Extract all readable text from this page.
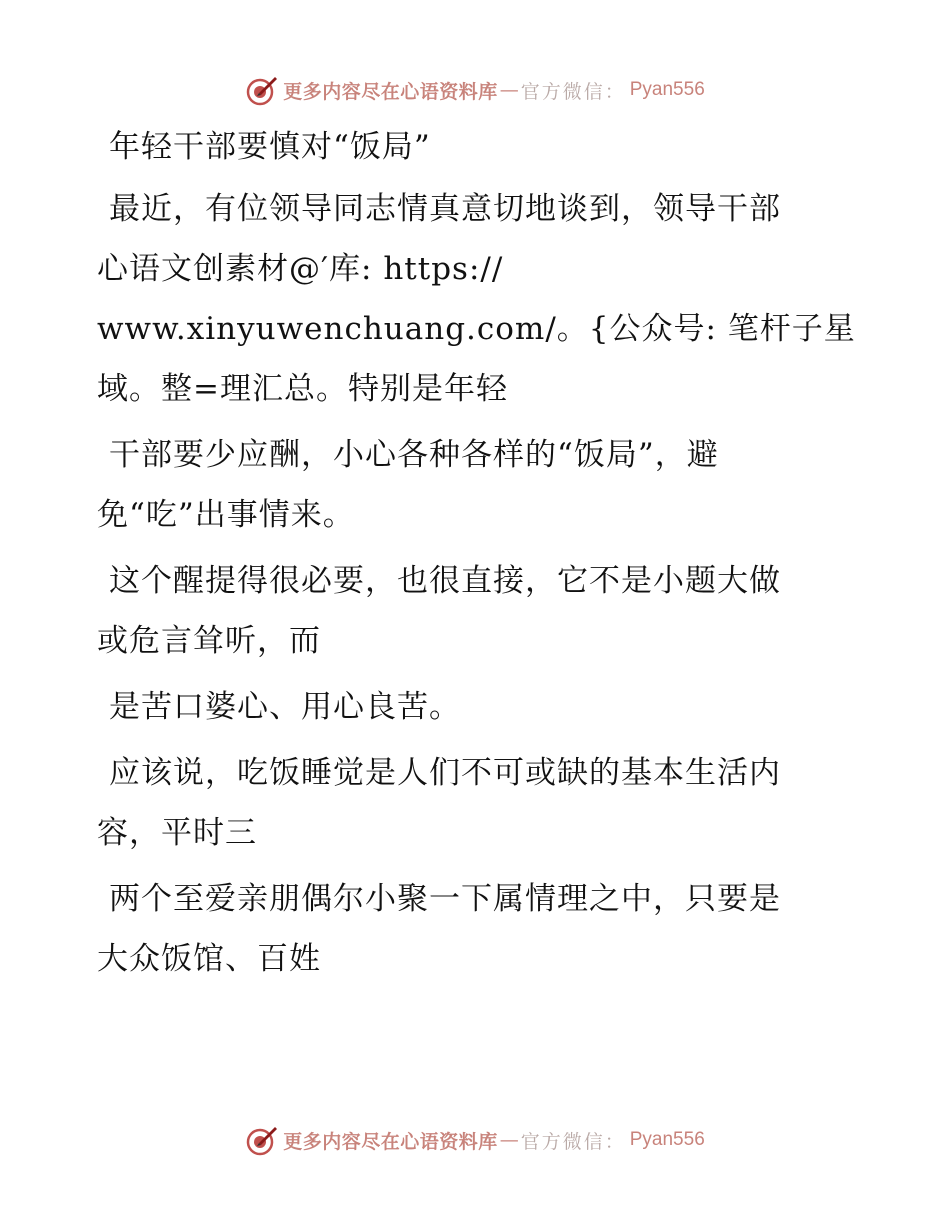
更多内容尽在心语资料库 — 官方微信： Pyan556
年轻干部要慎对“饭局”
最近，有位领导同志情真意切地谈到，领导干部
心语文创素材@′库: https://
www.xinyuwenchuang.com/。{公众号: 笔杆子星
域。整=理汇总。特别是年轻
干部要少应酬，小心各种各样的“饭局”，避
免“吃”出事情来。
这个醒提得很必要，也很直接，它不是小题大做
或危言耸听，而
是苦口婆心、用心良苦。
应该说，吃饭睡觉是人们不可或缺的基本生活内
容，平时三
两个至爱亲朋偶尔小聚一下属情理之中，只要是
大众饭馆、百姓
更多内容尽在心语资料库 — 官方微信： Pyan556
